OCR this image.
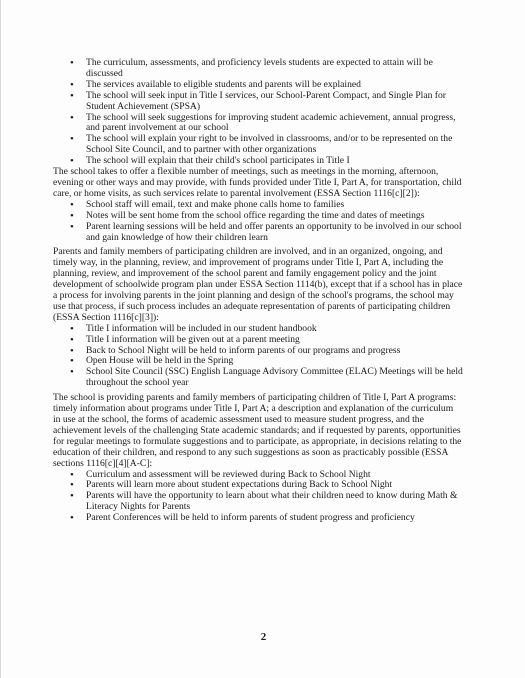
• The curriculum, assessments, and proficiency levels students are expected to attain will be discussed
• The services available to eligible students and parents will be explained
• The school will seek input in Title I services, our School-Parent Compact, and Single Plan for Student Achievement (SPSA)
• The school will seek suggestions for improving student academic achievement, annual progress, and parent involvement at our school
• The school will explain your right to be involved in classrooms, and/or to be represented on the School Site Council, and to partner with other organizations
• The school will explain that their child's school participates in Title I

The school takes to offer a flexible number of meetings, such as meetings in the morning, afternoon, evening or other ways and may provide, with funds provided under Title I, Part A, for transportation, child care, or home visits, as such services relate to parental involvement (ESSA Section 1116[c][2]):

• School staff will email, text and make phone calls home to families
• Notes will be sent home from the school office regarding the time and dates of meetings
• Parent learning sessions will be held and offer parents an opportunity to be involved in our school and gain knowledge of how their children learn

Parents and family members of participating children are involved, and in an organized, ongoing, and timely way, in the planning, review, and improvement of programs under Title I, Part A, including the planning, review, and improvement of the school parent and family engagement policy and the joint development of schoolwide program plan under ESSA Section 1114(b), except that if a school has in place a process for involving parents in the joint planning and design of the school's programs, the school may use that process, if such process includes an adequate representation of parents of participating children (ESSA Section 1116[c][3]):

• Title I information will be included in our student handbook
• Title I information will be given out at a parent meeting
• Back to School Night will be held to inform parents of our programs and progress
• Open House will be held in the Spring
• School Site Council (SSC) English Language Advisory Committee (ELAC) Meetings will be held throughout the school year

The school is providing parents and family members of participating children of Title I, Part A programs: timely information about programs under Title I, Part A; a description and explanation of the curriculum in use at the school, the forms of academic assessment used to measure student progress, and the achievement levels of the challenging State academic standards; and if requested by parents, opportunities for regular meetings to formulate suggestions and to participate, as appropriate, in decisions relating to the education of their children, and respond to any such suggestions as soon as practicably possible (ESSA sections 1116[c][4][A-C]:

• Curriculum and assessment will be reviewed during Back to School Night
• Parents will learn more about student expectations during Back to School Night
• Parents will have the opportunity to learn about what their children need to know during Math & Literacy Nights for Parents
• Parent Conferences will be held to inform parents of student progress and proficiency
2
